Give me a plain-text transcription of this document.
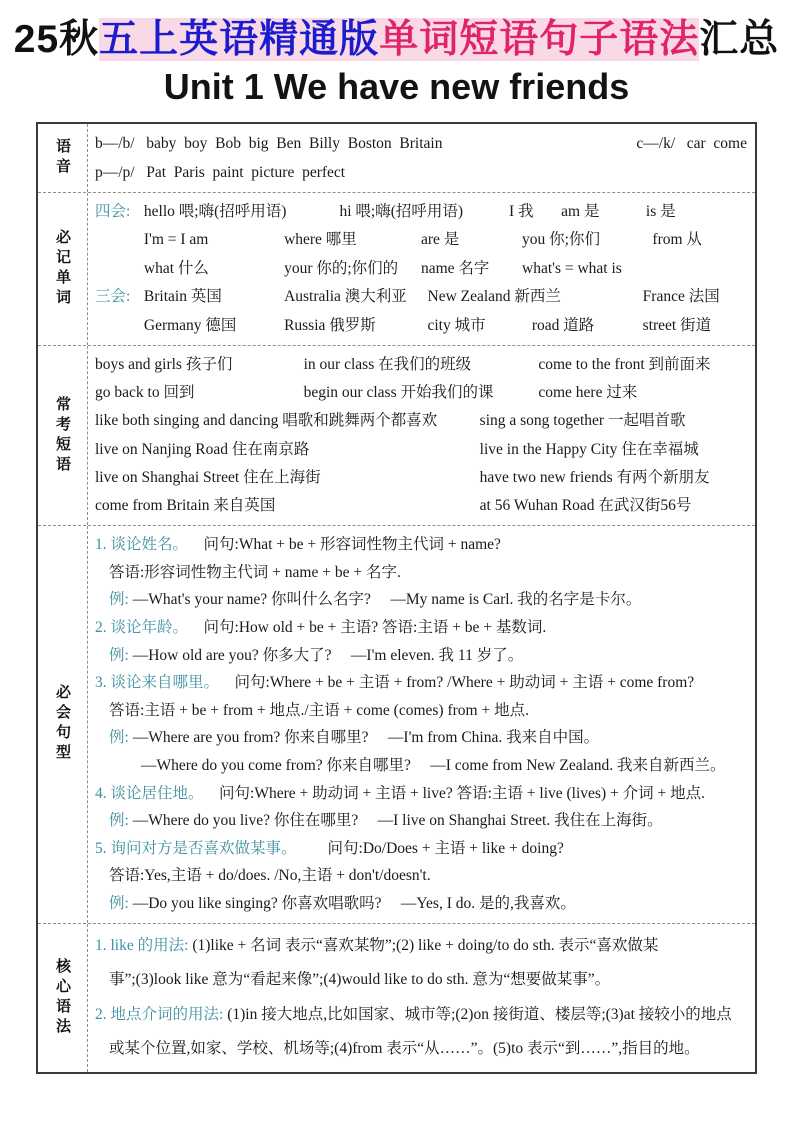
25秋五上英语精通版单词短语句子语法汇总
Unit 1 We have new friends
语音	b—/b/   baby  boy  Bob  big  Ben  Billy  Boston  Britain	c—/k/   car  come
p—/p/   Pat  Paris  paint  picture  perfect
必记单词
四会: hello 喂;嗨(招呼用语)	hi 喂;嗨(招呼用语)	I 我	am 是	is 是
I'm = I am	where 哪里	are 是	you 你;你们	from 从
what 什么	your 你的;你们的	name 名字	what's = what is
三会: Britain 英国	Australia 澳大利亚	New Zealand 新西兰	France 法国
Germany 德国	Russia 俄罗斯	city 城市	road 道路	street 街道
常考短语
boys and girls 孩子们	in our class 在我们的班级	come to the front 到前面来
go back to 回到	begin our class 开始我们的课	come here 过来
like both singing and dancing 唱歌和跳舞两个都喜欢	sing a song together 一起唱首歌
live on Nanjing Road 住在南京路	live in the Happy City 住在幸福城
live on Shanghai Street 住在上海街	have two new friends 有两个新朋友
come from Britain 来自英国	at 56 Wuhan Road 在武汉街56号
必会句型
1. 谈论姓名。 　问句:What + be + 形容词性物主代词 + name?
答语:形容词性物主代词 + name + be + 名字.
例: —What's your name? 你叫什么名字?　 —My name is Carl. 我的名字是卡尔。
2. 谈论年龄。 　问句:How old + be + 主语? 答语:主语 + be + 基数词.
例: —How old are you? 你多大了?　 —I'm eleven. 我 11 岁了。
3. 谈论来自哪里。 　问句:Where + be + 主语 + from? /Where + 助动词 + 主语 + come from?
答语:主语 + be + from + 地点./主语 + come (comes) from + 地点.
例: —Where are you from? 你来自哪里?　 —I'm from China. 我来自中国。
—Where do you come from? 你来自哪里?　 —I come from New Zealand. 我来自新西兰。
4. 谈论居住地。 　问句:Where + 助动词 + 主语 + live? 答语:主语 + live (lives) + 介词 + 地点.
例: —Where do you live? 你住在哪里?　 —I live on Shanghai Street. 我住在上海街。
5. 询问对方是否喜欢做某事。 　　问句:Do/Does + 主语 + like + doing?
答语:Yes,主语 + do/does. /No,主语 + don't/doesn't.
例: —Do you like singing? 你喜欢唱歌吗?　 —Yes, I do. 是的,我喜欢。
核心语法
1. like 的用法: (1)like + 名词 表示“喜欢某物”;(2) like + doing/to do sth. 表示“喜欢做某
事”;(3)look like 意为“看起来像”;(4)would like to do sth. 意为“想要做某事”。
2. 地点介词的用法: (1)in 接大地点,比如国家、城市等;(2)on 接街道、楼层等;(3)at 接较小的地点
或某个位置,如家、学校、机场等;(4)from 表示“从……”。(5)to 表示“到……”,指目的地。
